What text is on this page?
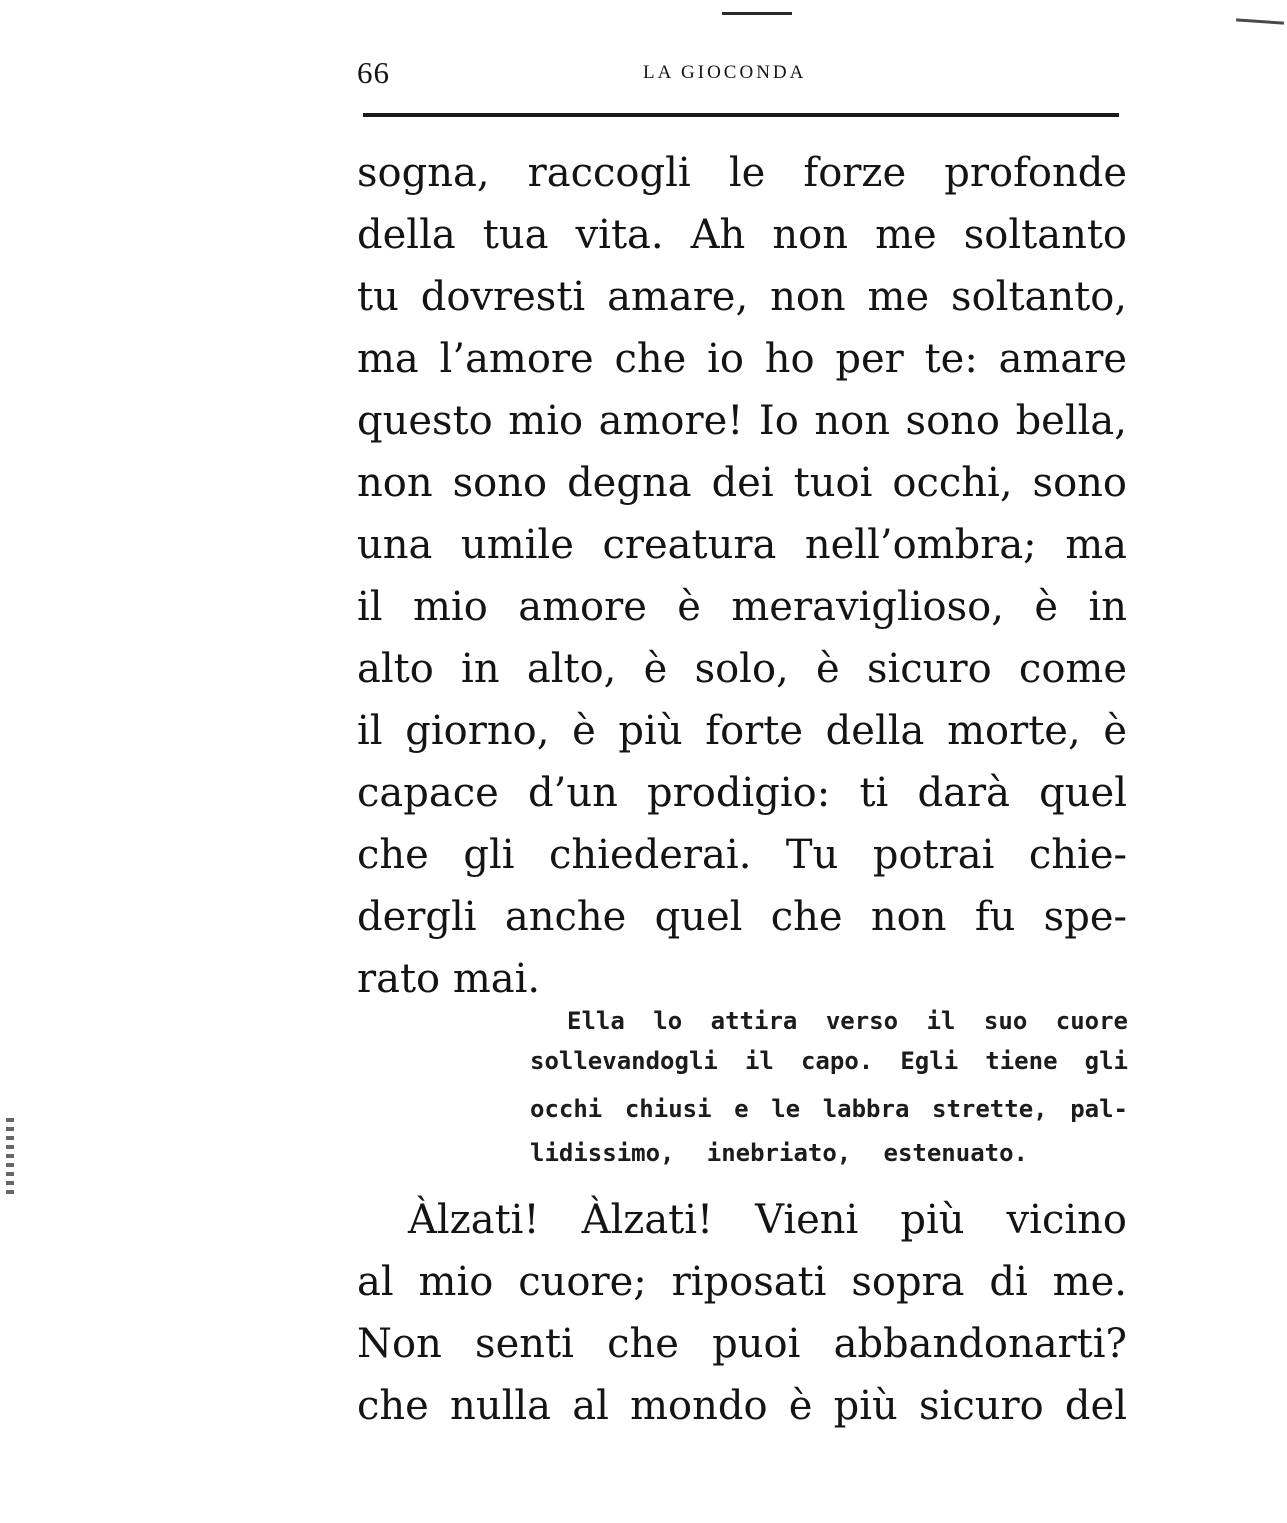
66	LA GIOCONDA
sogna, raccogli le forze profonde
della tua vita. Ah non me soltanto
tu dovresti amare, non me soltanto,
ma l’amore che io ho per te: amare
questo mio amore! Io non sono bella,
non sono degna dei tuoi occhi, sono
una umile creatura nell’ombra; ma
il mio amore è meraviglioso, è in
alto in alto, è solo, è sicuro come
il giorno, è più forte della morte, è
capace d’un prodigio: ti darà quel
che gli chiederai. Tu potrai chie-
dergli anche quel che non fu spe-
rato mai.
Ella lo attira verso il suo cuore
sollevandogli il capo. Egli tiene gli
occhi chiusi e le labbra strette, pal-
lidissimo, inebriato, estenuato.
Àlzati! Àlzati! Vieni più vicino
al mio cuore; riposati sopra di me.
Non senti che puoi abbandonarti?
che nulla al mondo è più sicuro del
